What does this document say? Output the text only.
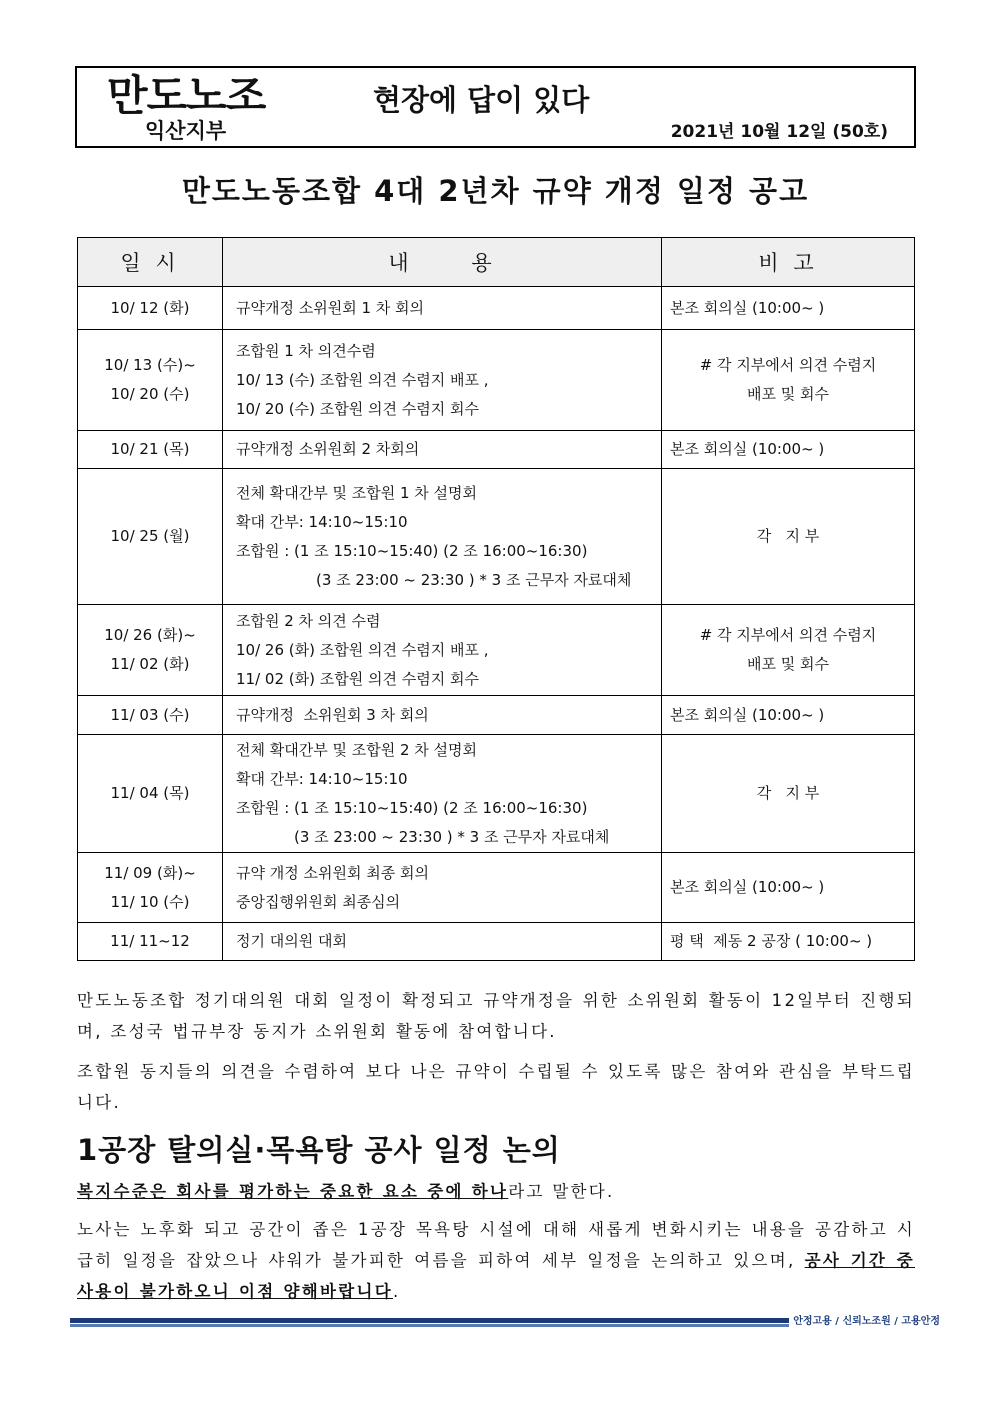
만도노조
익산지부
현장에 답이 있다
2021년 10월 12일 (50호)
만도노동조합 4대 2년차 규약 개정 일정 공고
일 시	내 용	비 고
10/ 12 (화)	규약개정 소위원회 1 차 회의	본조 회의실 (10:00~ )
10/ 13 (수)~
10/ 20 (수)	조합원 1 차 의견수렴
10/ 13 (수) 조합원 의견 수렴지 배포 ,
10/ 20 (수) 조합원 의견 수렴지 회수	# 각 지부에서 의견 수렴지
배포 및 회수
10/ 21 (목)	규약개정 소위원회 2 차회의	본조 회의실 (10:00~ )
10/ 25 (월)	전체 확대간부 및 조합원 1 차 설명회
확대 간부: 14:10~15:10
조합원 : (1 조 15:10~15:40) (2 조 16:00~16:30)

(3 조 23:00 ~ 23:30 ) * 3 조 근무자 자료대체	각   지 부
10/ 26 (화)~
11/ 02 (화)	조합원 2 차 의견 수렴
10/ 26 (화) 조합원 의견 수렴지 배포 ,
11/ 02 (화) 조합원 의견 수렴지 회수	# 각 지부에서 의견 수렴지
배포 및 회수
11/ 03 (수)	규약개정  소위원회 3 차 회의	본조 회의실 (10:00~ )
11/ 04 (목)	전체 확대간부 및 조합원 2 차 설명회
확대 간부: 14:10~15:10
조합원 : (1 조 15:10~15:40) (2 조 16:00~16:30)

(3 조 23:00 ~ 23:30 ) * 3 조 근무자 자료대체	각   지 부
11/ 09 (화)~
11/ 10 (수)	규약 개정 소위원회 최종 회의
중앙집행위원회 최종심의	본조 회의실 (10:00~ )
11/ 11~12	정기 대의원 대회	평 택  제동 2 공장 ( 10:00~ )
만도노동조합 정기대의원 대회 일정이 확정되고 규약개정을 위한 소위원회 활동이 12일부터 진행되며, 조성국 법규부장 동지가 소위원회 활동에 참여합니다.
조합원 동지들의 의견을 수렴하여 보다 나은 규약이 수립될 수 있도록 많은 참여와 관심을 부탁드립니다.
1공장 탈의실·목욕탕 공사 일정 논의
복지수준은 회사를 평가하는 중요한 요소 중에 하나라고 말한다.
노사는 노후화 되고 공간이 좁은 1공장 목욕탕 시설에 대해 새롭게 변화시키는 내용을 공감하고 시급히 일정을 잡았으나 샤워가 불가피한 여름을 피하여 세부 일정을 논의하고 있으며, 공사 기간 중 사용이 불가하오니 이점 양해바랍니다.
안정고용 / 신뢰노조원 / 고용안정
